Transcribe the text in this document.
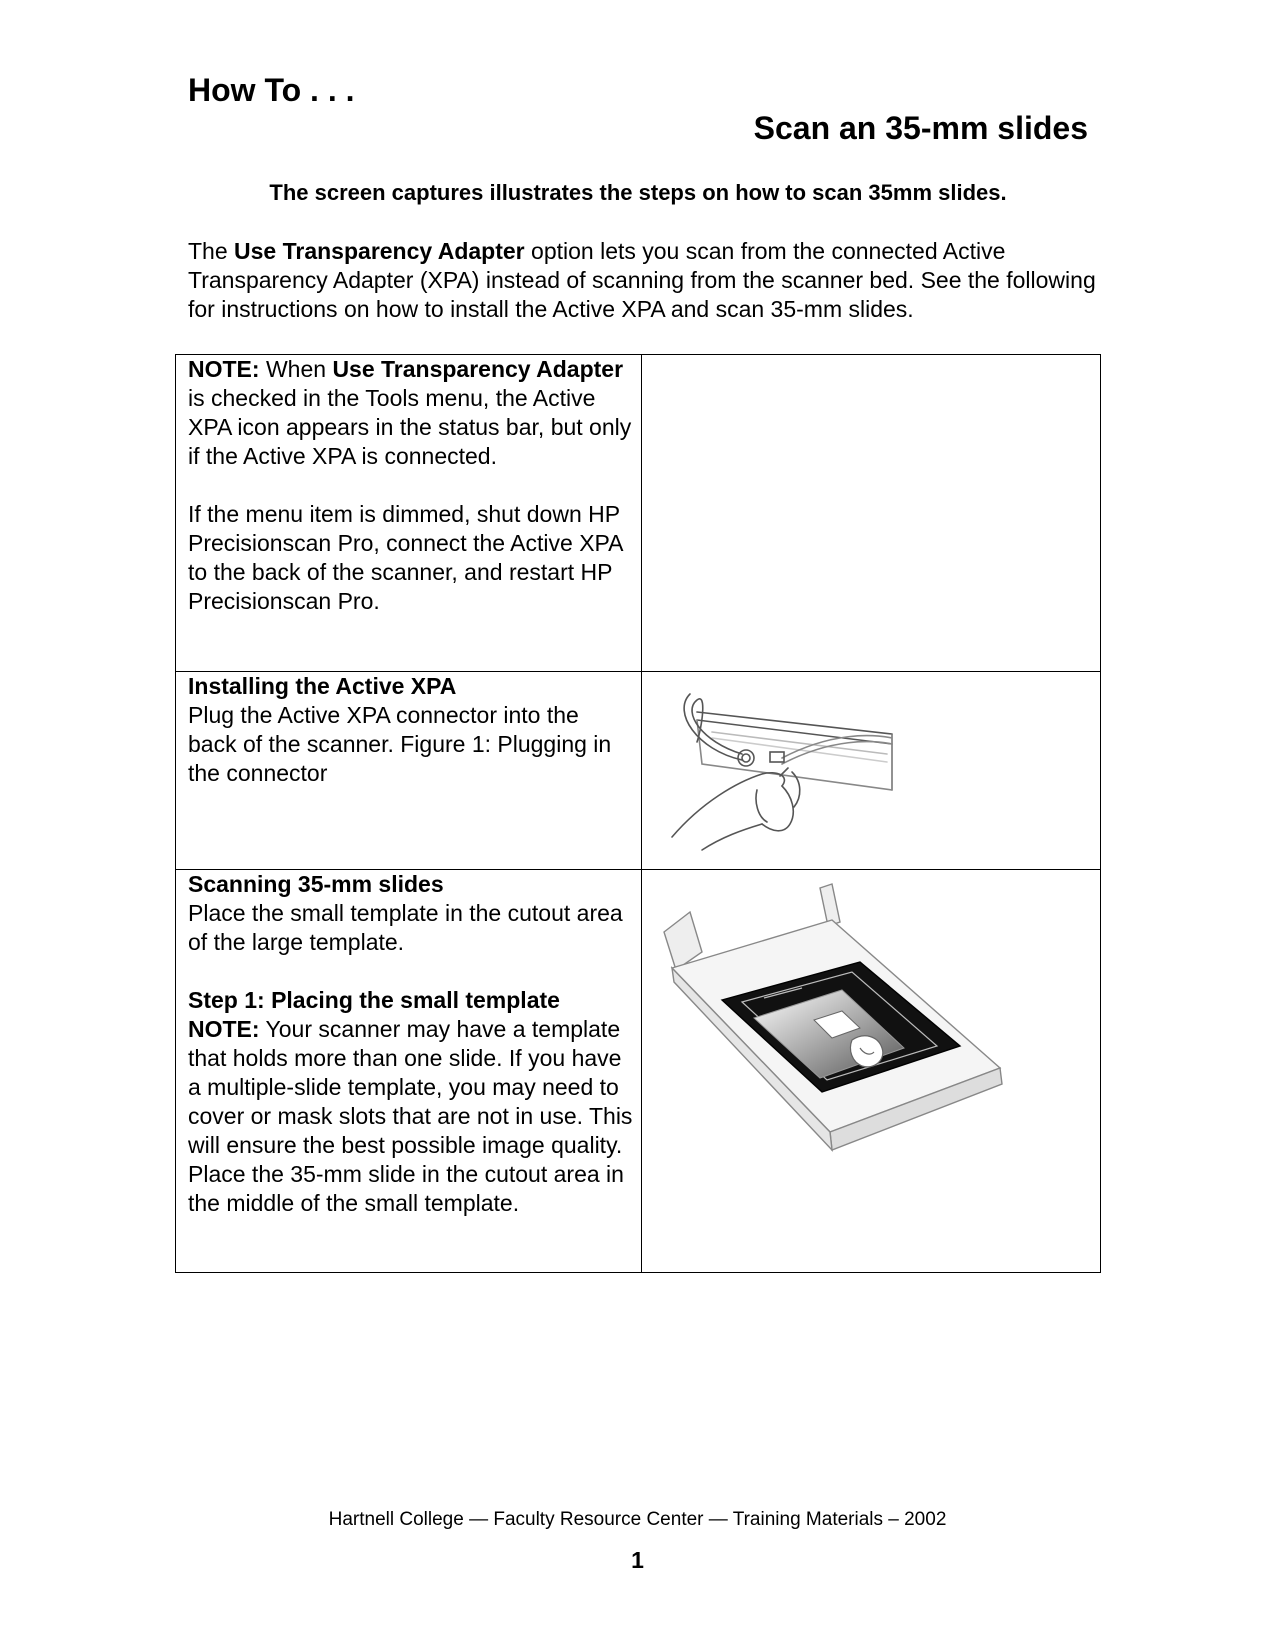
How To . . .
Scan an 35-mm slides

The screen captures illustrates the steps on how to scan 35mm slides.

The Use Transparency Adapter option lets you scan from the connected Active Transparency Adapter (XPA) instead of scanning from the scanner bed. See the following for instructions on how to install the Active XPA and scan 35-mm slides.

NOTE: When Use Transparency Adapter is checked in the Tools menu, the Active XPA icon appears in the status bar, but only if the Active XPA is connected.

If the menu item is dimmed, shut down HP Precisionscan Pro, connect the Active XPA to the back of the scanner, and restart HP Precisionscan Pro.	

Installing the Active XPA

Plug the Active XPA connector into the back of the scanner. Figure 1: Plugging in the connector

Scanning 35-mm slides

Place the small template in the cutout area of the large template.

Step 1: Placing the small template

NOTE: Your scanner may have a template that holds more than one slide. If you have a multiple-slide template, you may need to cover or mask slots that are not in use. This will ensure the best possible image quality. Place the 35-mm slide in the cutout area in the middle of the small template.

Hartnell College — Faculty Resource Center — Training Materials – 2002

1
